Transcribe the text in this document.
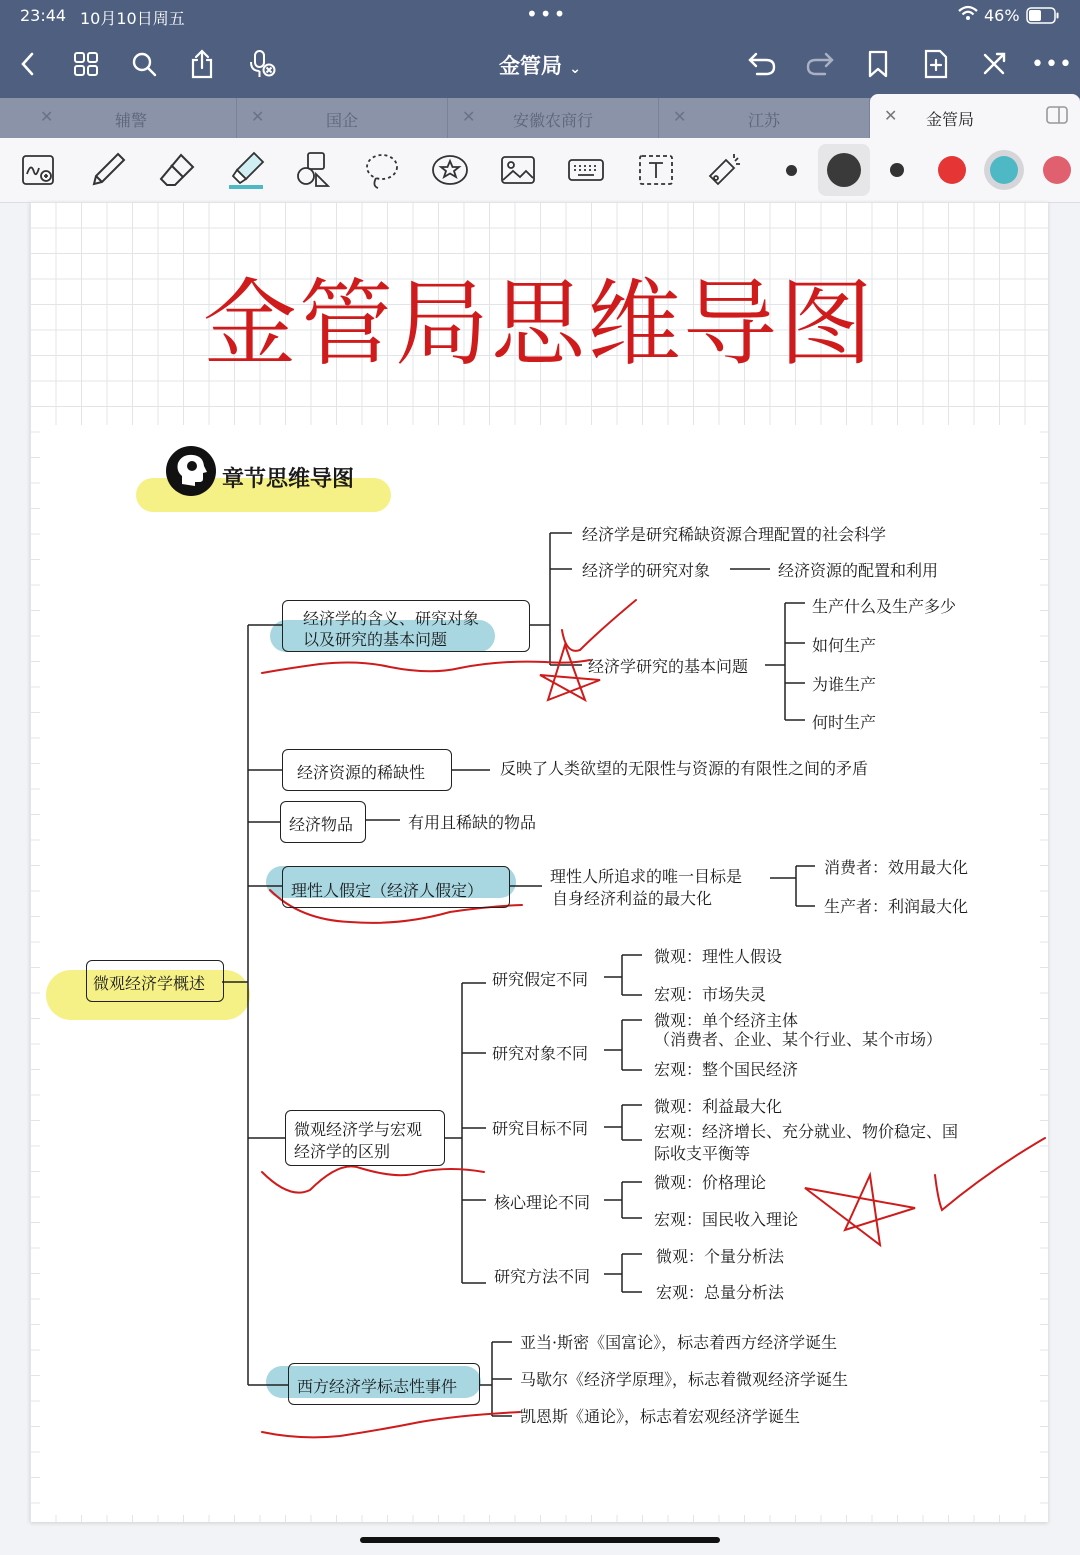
23:44 10月10日周五	•••	46%
金管局 ⌄	•••
✕	辅警	✕	国企	✕	安徽农商行	✕	江苏	✕	金管局
金管局思维导图
章节思维导图
微观经济学概述
经济学的含义、研究对象
以及研究的基本问题
经济学是研究稀缺资源合理配置的社会科学
经济学的研究对象	经济资源的配置和利用
经济学研究的基本问题
生产什么及生产多少
如何生产
为谁生产
何时生产
经济资源的稀缺性	反映了人类欲望的无限性与资源的有限性之间的矛盾
经济物品	有用且稀缺的物品
理性人假定（经济人假定）
理性人所追求的唯一目标是
自身经济利益的最大化
消费者：效用最大化
生产者：利润最大化
微观经济学与宏观
经济学的区别
研究假定不同
微观：理性人假设
宏观：市场失灵
研究对象不同
微观：单个经济主体
（消费者、企业、某个行业、某个市场）
宏观：整个国民经济
研究目标不同
微观：利益最大化
宏观：经济增长、充分就业、物价稳定、国
际收支平衡等
核心理论不同
微观：价格理论
宏观：国民收入理论
研究方法不同
微观：个量分析法
宏观：总量分析法
西方经济学标志性事件
亚当·斯密《国富论》，标志着西方经济学诞生
马歇尔《经济学原理》，标志着微观经济学诞生
凯恩斯《通论》，标志着宏观经济学诞生
